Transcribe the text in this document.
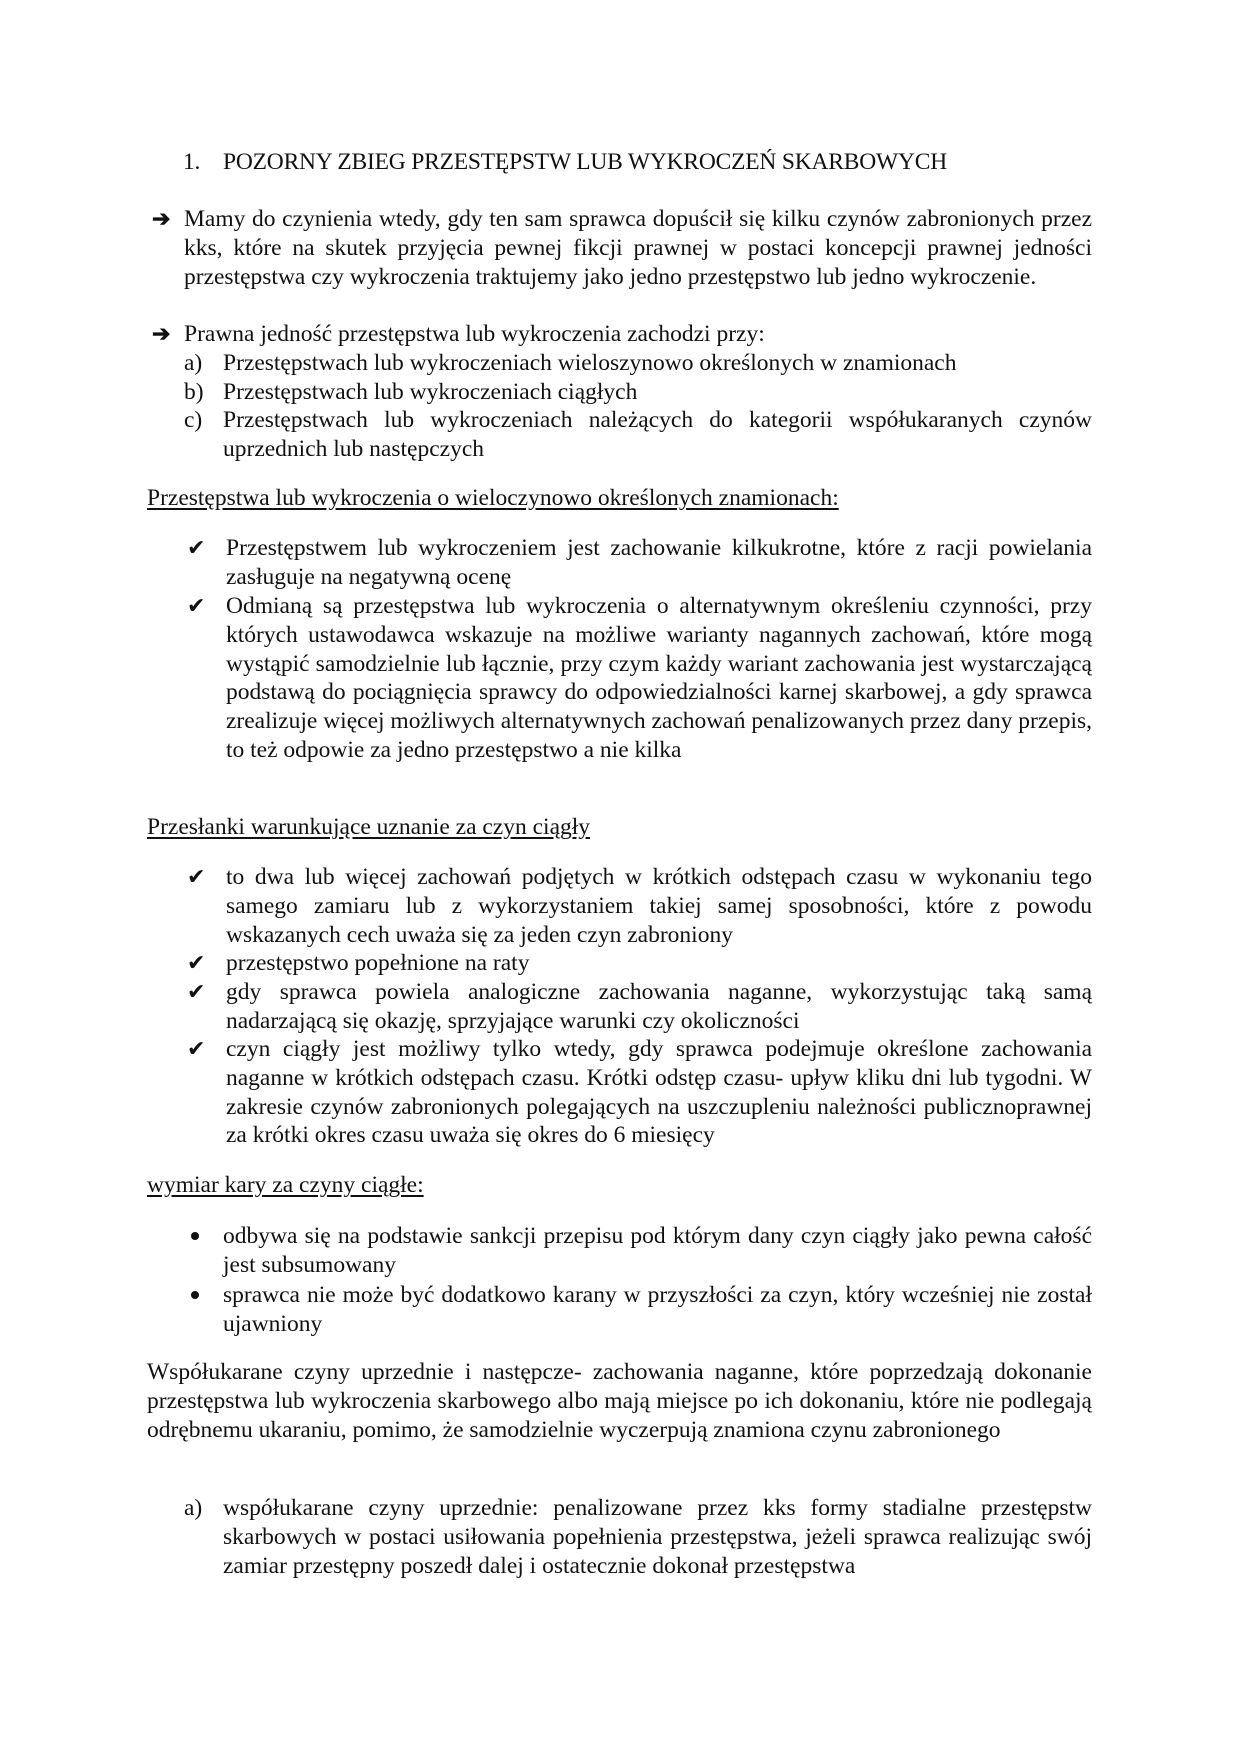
1. POZORNY ZBIEG PRZESTĘPSTW LUB WYKROCZEŃ SKARBOWYCH
➔ Mamy do czynienia wtedy, gdy ten sam sprawca dopuścił się kilku czynów zabronionych przez kks, które na skutek przyjęcia pewnej fikcji prawnej w postaci koncepcji prawnej jedności przestępstwa czy wykroczenia traktujemy jako jedno przestępstwo lub jedno wykroczenie.
➔ Prawna jedność przestępstwa lub wykroczenia zachodzi przy:
a) Przestępstwach lub wykroczeniach wieloszynowo określonych w znamionach
b) Przestępstwach lub wykroczeniach ciągłych
c) Przestępstwach lub wykroczeniach należących do kategorii współukaranych czynów uprzednich lub następczych
Przestępstwa lub wykroczenia o wieloczynowo określonych znamionach:
✔ Przestępstwem lub wykroczeniem jest zachowanie kilkukrotne, które z racji powielania zasługuje na negatywną ocenę
✔ Odmianą są przestępstwa lub wykroczenia o alternatywnym określeniu czynności, przy których ustawodawca wskazuje na możliwe warianty nagannych zachowań, które mogą wystąpić samodzielnie lub łącznie, przy czym każdy wariant zachowania jest wystarczającą podstawą do pociągnięcia sprawcy do odpowiedzialności karnej skarbowej, a gdy sprawca zrealizuje więcej możliwych alternatywnych zachowań penalizowanych przez dany przepis, to też odpowie za jedno przestępstwo a nie kilka
Przesłanki warunkujące uznanie za czyn ciągły
✔ to dwa lub więcej zachowań podjętych w krótkich odstępach czasu w wykonaniu tego samego zamiaru lub z wykorzystaniem takiej samej sposobności, które z powodu wskazanych cech uważa się za jeden czyn zabroniony
✔ przestępstwo popełnione na raty
✔ gdy sprawca powiela analogiczne zachowania naganne, wykorzystując taką samą nadarzającą się okazję, sprzyjające warunki czy okoliczności
✔ czyn ciągły jest możliwy tylko wtedy, gdy sprawca podejmuje określone zachowania naganne w krótkich odstępach czasu. Krótki odstęp czasu- upływ kliku dni lub tygodni. W zakresie czynów zabronionych polegających na uszczupleniu należności publicznoprawnej za krótki okres czasu uważa się okres do 6 miesięcy
wymiar kary za czyny ciągłe:
odbywa się na podstawie sankcji przepisu pod którym dany czyn ciągły jako pewna całość jest subsumowany
sprawca nie może być dodatkowo karany w przyszłości za czyn, który wcześniej nie został ujawniony
Współukarane czyny uprzednie i następcze- zachowania naganne, które poprzedzają dokonanie przestępstwa lub wykroczenia skarbowego albo mają miejsce po ich dokonaniu, które nie podlegają odrębnemu ukaraniu, pomimo, że samodzielnie wyczerpują znamiona czynu zabronionego
a) współukarane czyny uprzednie: penalizowane przez kks formy stadialne przestępstw skarbowych w postaci usiłowania popełnienia przestępstwa, jeżeli sprawca realizując swój zamiar przestępny poszedł dalej i ostatecznie dokonał przestępstwa
